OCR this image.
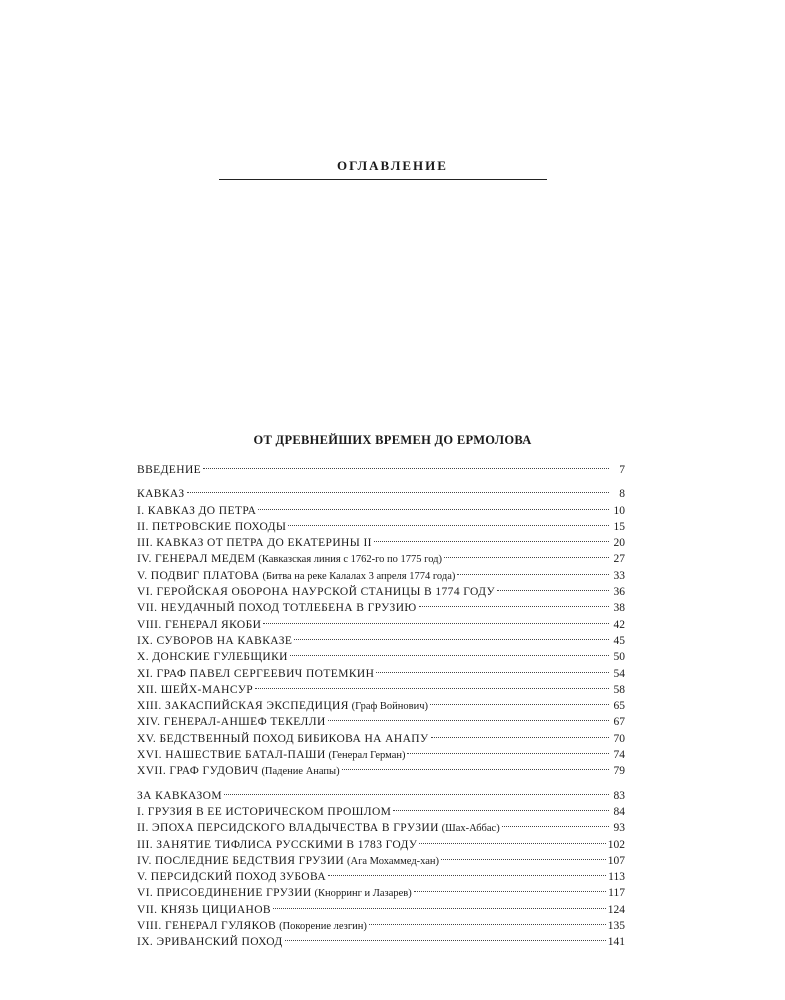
ОГЛАВЛЕНИЕ
ОТ ДРЕВНЕЙШИХ ВРЕМЕН ДО ЕРМОЛОВА
ВВЕДЕНИЕ	7
КАВКАЗ	8
I. КАВКАЗ ДО ПЕТРА	10
II. ПЕТРОВСКИЕ ПОХОДЫ	15
III. КАВКАЗ ОТ ПЕТРА ДО ЕКАТЕРИНЫ II	20
IV. ГЕНЕРАЛ МЕДЕМ (Кавказская линия с 1762-го по 1775 год)	27
V. ПОДВИГ ПЛАТОВА (Битва на реке Калалах 3 апреля 1774 года)	33
VI. ГЕРОЙСКАЯ ОБОРОНА НАУРСКОЙ СТАНИЦЫ В 1774 ГОДУ	36
VII. НЕУДАЧНЫЙ ПОХОД ТОТЛЕБЕНА В ГРУЗИЮ	38
VIII. ГЕНЕРАЛ ЯКОБИ	42
IX. СУВОРОВ НА КАВКАЗЕ	45
X. ДОНСКИЕ ГУЛЕБЩИКИ	50
XI. ГРАФ ПАВЕЛ СЕРГЕЕВИЧ ПОТЕМКИН	54
XII. ШЕЙХ-МАНСУР	58
XIII. ЗАКАСПИЙСКАЯ ЭКСПЕДИЦИЯ (Граф Войнович)	65
XIV. ГЕНЕРАЛ-АНШЕФ ТЕКЕЛЛИ	67
XV. БЕДСТВЕННЫЙ ПОХОД БИБИКОВА НА АНАПУ	70
XVI. НАШЕСТВИЕ БАТАЛ-ПАШИ (Генерал Герман)	74
XVII. ГРАФ ГУДОВИЧ (Падение Анапы)	79
ЗА КАВКАЗОМ	83
I. ГРУЗИЯ В ЕЕ ИСТОРИЧЕСКОМ ПРОШЛОМ	84
II. ЭПОХА ПЕРСИДСКОГО ВЛАДЫЧЕСТВА В ГРУЗИИ (Шах-Аббас)	93
III. ЗАНЯТИЕ ТИФЛИСА РУССКИМИ В 1783 ГОДУ	102
IV. ПОСЛЕДНИЕ БЕДСТВИЯ ГРУЗИИ (Ага Мохаммед-хан)	107
V. ПЕРСИДСКИЙ ПОХОД ЗУБОВА	113
VI. ПРИСОЕДИНЕНИЕ ГРУЗИИ (Кнорринг и Лазарев)	117
VII. КНЯЗЬ ЦИЦИАНОВ	124
VIII. ГЕНЕРАЛ ГУЛЯКОВ (Покорение лезгин)	135
IX. ЭРИВАНСКИЙ ПОХОД	141
